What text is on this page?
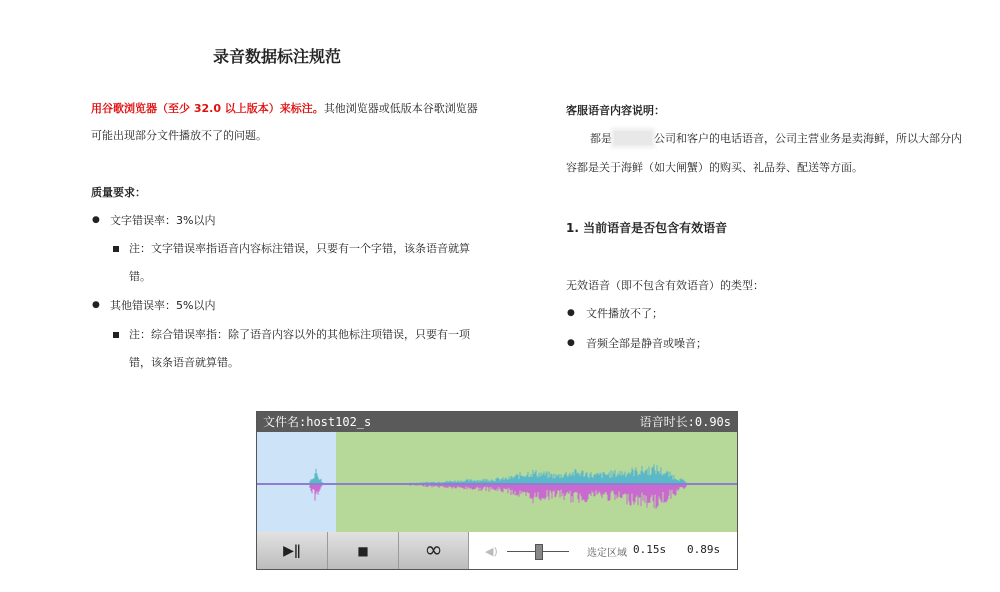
录音数据标注规范
用谷歌浏览器（至少 32.0 以上版本）来标注。其他浏览器或低版本谷歌浏览器
可能出现部分文件播放不了的问题。
质量要求：
● 文字错误率：3%以内
注：文字错误率指语音内容标注错误，只要有一个字错，该条语音就算
错。
● 其他错误率：5%以内
注：综合错误率指：除了语音内容以外的其他标注项错误，只要有一项
错，该条语音就算错。
客服语音内容说明：
都是	公司和客户的电话语音，公司主营业务是卖海鲜，所以大部分内
容都是关于海鲜（如大闸蟹）的购买、礼品券、配送等方面。
1. 当前语音是否包含有效语音
无效语音（即不包含有效语音）的类型：
● 文件播放不了；
● 音频全部是静音或噪音；
文件名:host102_s	语音时长:0.90s
▶ǁ	■	∞	◀)	选定区域 0.15s 0.89s
